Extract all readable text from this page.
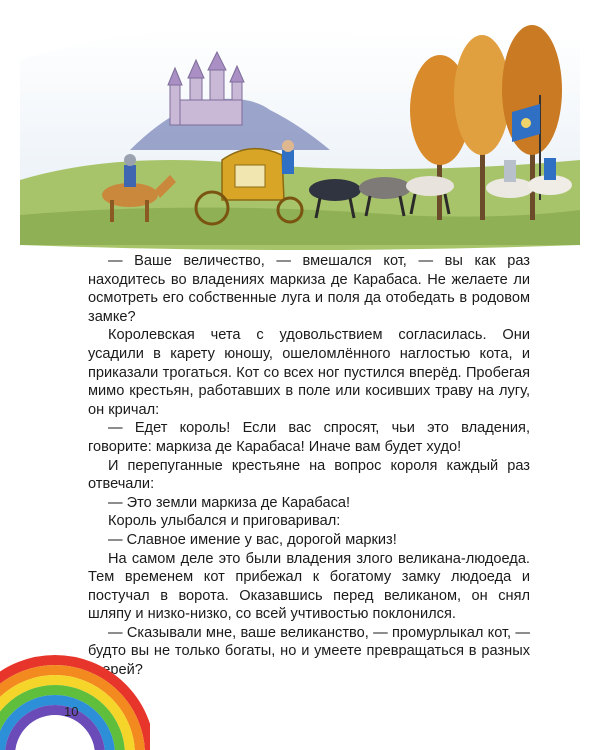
— Ваше величество, — вмешался кот, — вы как раз находитесь во владениях маркиза де Карабаса. Не желаете ли осмотреть его собственные луга и поля да отобедать в родовом замке?

Королевская чета с удовольствием согласилась. Они усадили в карету юношу, ошеломлённого наглостью кота, и приказали трогаться. Кот со всех ног пустился вперёд. Пробегая мимо крестьян, работавших в поле или косивших траву на лугу, он кричал:

— Едет король! Если вас спросят, чьи это владения, говорите: маркиза де Карабаса! Иначе вам будет худо!

И перепуганные крестьяне на вопрос короля каждый раз отвечали:

— Это земли маркиза де Карабаса!

Король улыбался и приговаривал:

— Славное имение у вас, дорогой маркиз!

На самом деле это были владения злого великана-людоеда. Тем временем кот прибежал к богатому замку людоеда и постучал в ворота. Оказавшись перед великаном, он снял шляпу и низко-низко, со всей учтивостью поклонился.

— Сказывали мне, ваше великанство, — промурлыкал кот, — будто вы не только богаты, но и умеете превращаться в разных зверей?

10
